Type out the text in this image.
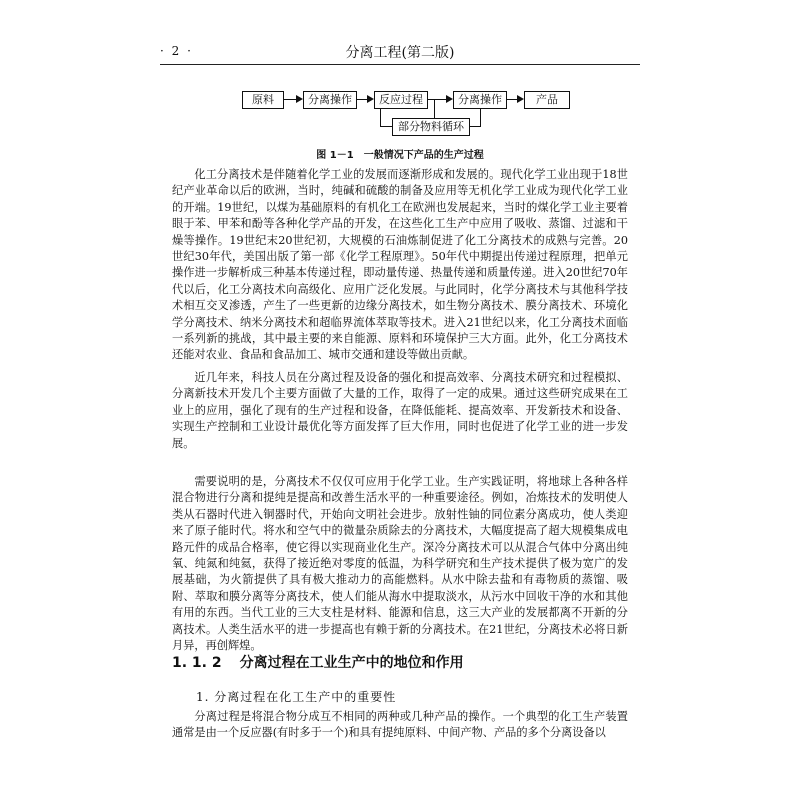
· 2 ·	分离工程(第二版)
原料	分离操作	反应过程	分离操作	产品
部分物料循环
图 1－1　一般情况下产品的生产过程

化工分离技术是伴随着化学工业的发展而逐渐形成和发展的。现代化学工业出现于18世纪产业革命以后的欧洲，当时，纯碱和硫酸的制备及应用等无机化学工业成为现代化学工业的开端。19世纪，以煤为基础原料的有机化工在欧洲也发展起来，当时的煤化学工业主要着眼于苯、甲苯和酚等各种化学产品的开发，在这些化工生产中应用了吸收、蒸馏、过滤和干燥等操作。19世纪末20世纪初，大规模的石油炼制促进了化工分离技术的成熟与完善。20世纪30年代，美国出版了第一部《化学工程原理》。50年代中期提出传递过程原理，把单元操作进一步解析成三种基本传递过程，即动量传递、热量传递和质量传递。进入20世纪70年代以后，化工分离技术向高级化、应用广泛化发展。与此同时，化学分离技术与其他科学技术相互交叉渗透，产生了一些更新的边缘分离技术，如生物分离技术、膜分离技术、环境化学分离技术、纳米分离技术和超临界流体萃取等技术。进入21世纪以来，化工分离技术面临一系列新的挑战，其中最主要的来自能源、原料和环境保护三大方面。此外，化工分离技术还能对农业、食品和食品加工、城市交通和建设等做出贡献。

近几年来，科技人员在分离过程及设备的强化和提高效率、分离技术研究和过程模拟、分离新技术开发几个主要方面做了大量的工作，取得了一定的成果。通过这些研究成果在工业上的应用，强化了现有的生产过程和设备，在降低能耗、提高效率、开发新技术和设备、实现生产控制和工业设计最优化等方面发挥了巨大作用，同时也促进了化学工业的进一步发展。

需要说明的是，分离技术不仅仅可应用于化学工业。生产实践证明，将地球上各种各样混合物进行分离和提纯是提高和改善生活水平的一种重要途径。例如，冶炼技术的发明使人类从石器时代进入铜器时代，开始向文明社会进步。放射性铀的同位素分离成功，使人类迎来了原子能时代。将水和空气中的微量杂质除去的分离技术，大幅度提高了超大规模集成电路元件的成品合格率，使它得以实现商业化生产。深冷分离技术可以从混合气体中分离出纯氧、纯氮和纯氦，获得了接近绝对零度的低温，为科学研究和生产技术提供了极为宽广的发展基础，为火箭提供了具有极大推动力的高能燃料。从水中除去盐和有毒物质的蒸馏、吸附、萃取和膜分离等分离技术，使人们能从海水中提取淡水，从污水中回收干净的水和其他有用的东西。当代工业的三大支柱是材料、能源和信息，这三大产业的发展都离不开新的分离技术。人类生活水平的进一步提高也有赖于新的分离技术。在21世纪，分离技术必将日新月异，再创辉煌。

1. 1. 2 分离过程在工业生产中的地位和作用
1. 分离过程在化工生产中的重要性

分离过程是将混合物分成互不相同的两种或几种产品的操作。一个典型的化工生产装置通常是由一个反应器(有时多于一个)和具有提纯原料、中间产物、产品的多个分离设备以
